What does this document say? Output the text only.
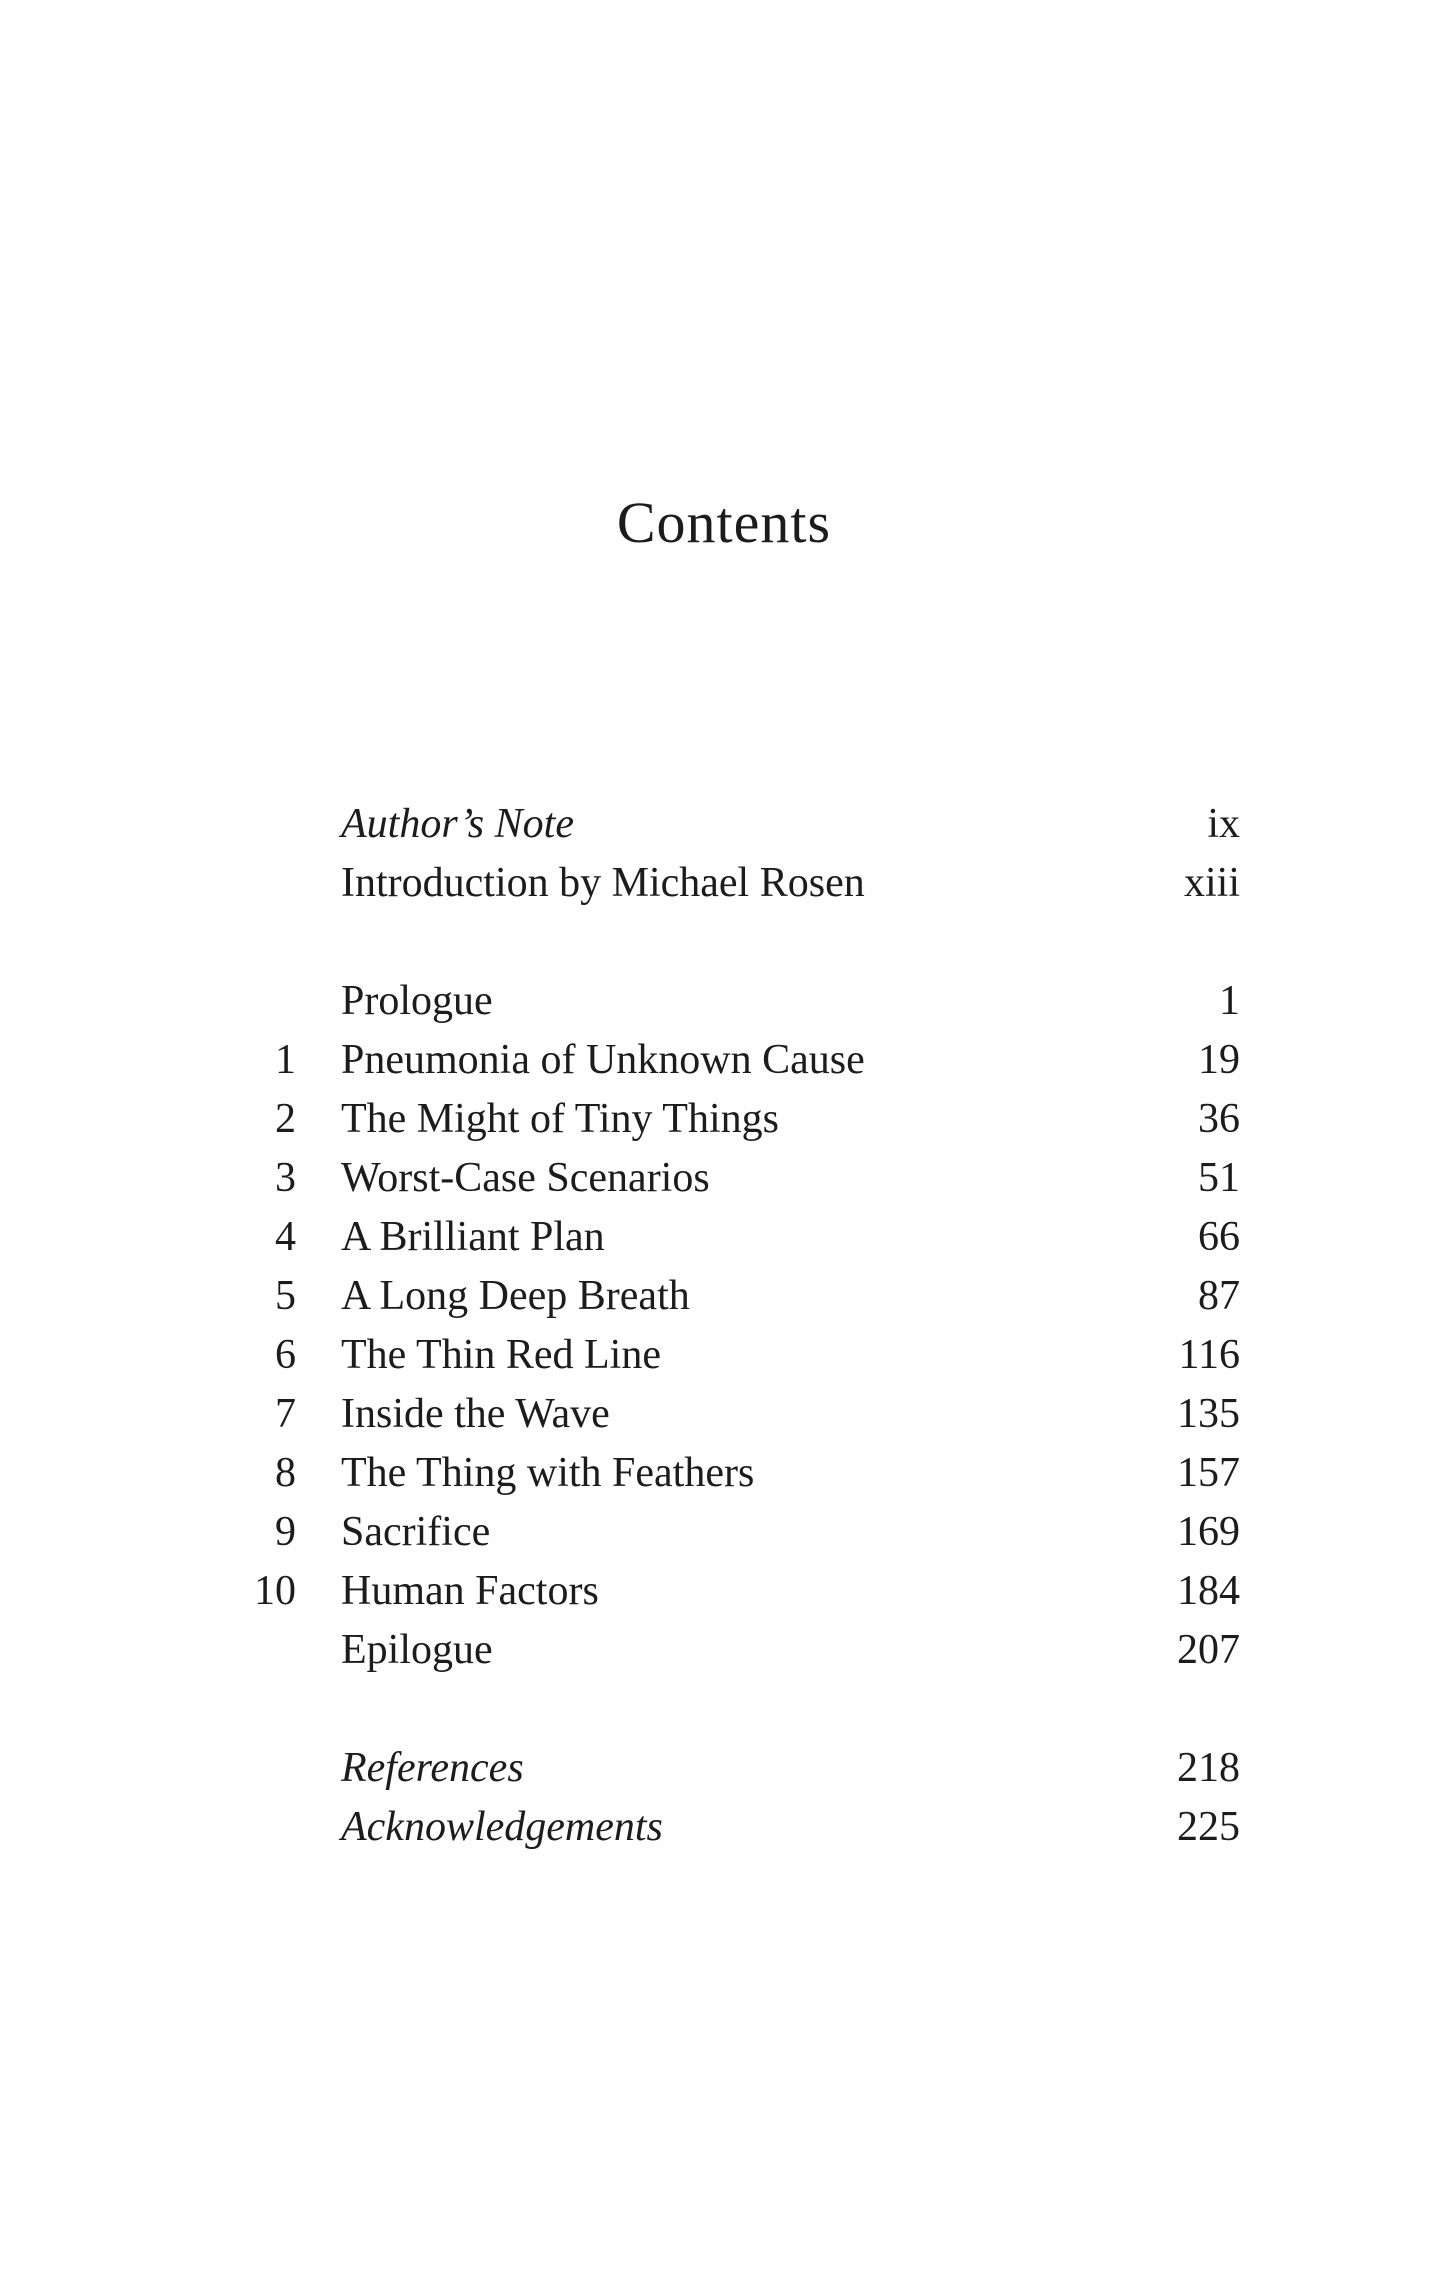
Contents
Author’s Note	ix
Introduction by Michael Rosen	xiii
Prologue	1
1 Pneumonia of Unknown Cause	19
2 The Might of Tiny Things	36
3 Worst-Case Scenarios	51
4 A Brilliant Plan	66
5 A Long Deep Breath	87
6 The Thin Red Line	116
7 Inside the Wave	135
8 The Thing with Feathers	157
9 Sacrifice	169
10 Human Factors	184
Epilogue	207
References	218
Acknowledgements	225
